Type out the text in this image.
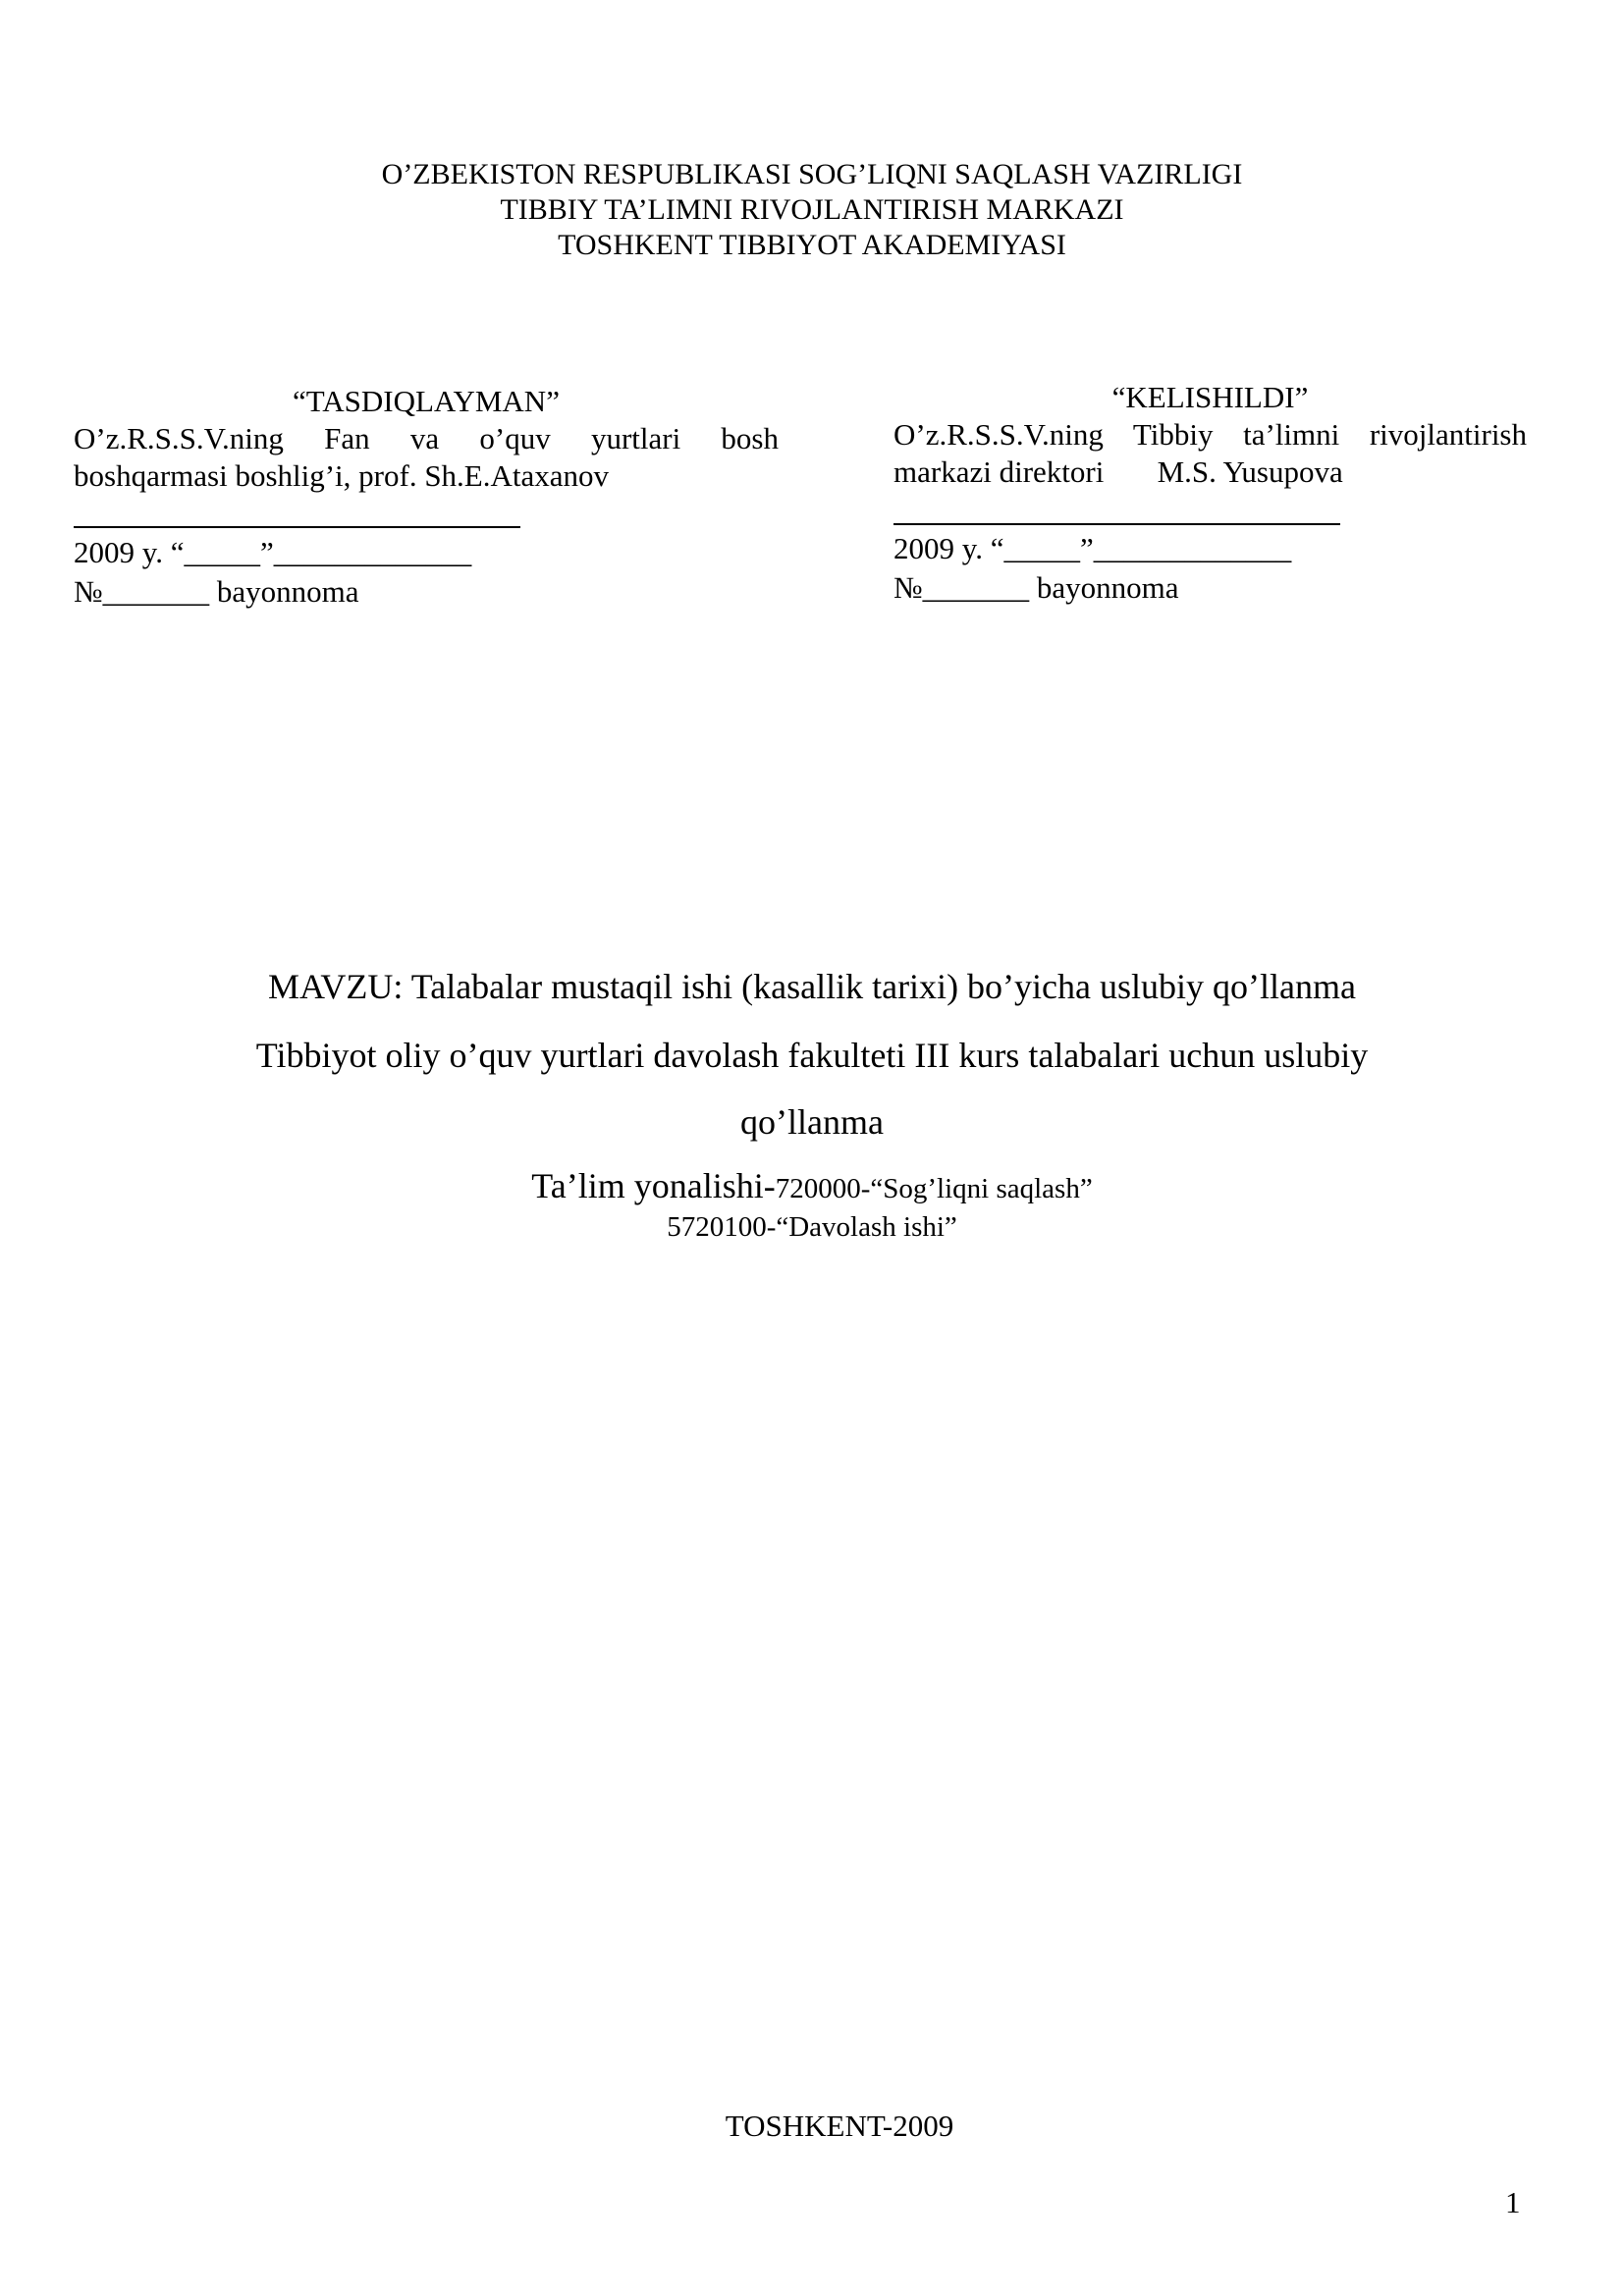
O’ZBEKISTON RESPUBLIKASI SOG’LIQNI SAQLASH VAZIRLIGI
TIBBIY TA’LIMNI RIVOJLANTIRISH MARKAZI
TOSHKENT TIBBIYOT AKADEMIYASI
“TASDIQLAYMAN”
O’z.R.S.S.V.ning Fan va o’quv yurtlari bosh
boshqarmasi boshlig’i, prof. Sh.E.Ataxanov
2009 y. “_____”_____________
№_______ bayonnoma
“KELISHILDI”
O’z.R.S.S.V.ning Tibbiy ta’limni rivojlantirish
markazi direktori       M.S. Yusupova
2009 y. “_____”_____________
№_______ bayonnoma
MAVZU: Talabalar mustaqil ishi (kasallik tarixi) bo’yicha uslubiy qo’llanma
Tibbiyot oliy o’quv yurtlari davolash fakulteti III kurs talabalari uchun uslubiy
qo’llanma
Ta’lim yonalishi-720000-“Sog’liqni saqlash”
5720100-“Davolash ishi”
TOSHKENT-2009
1
